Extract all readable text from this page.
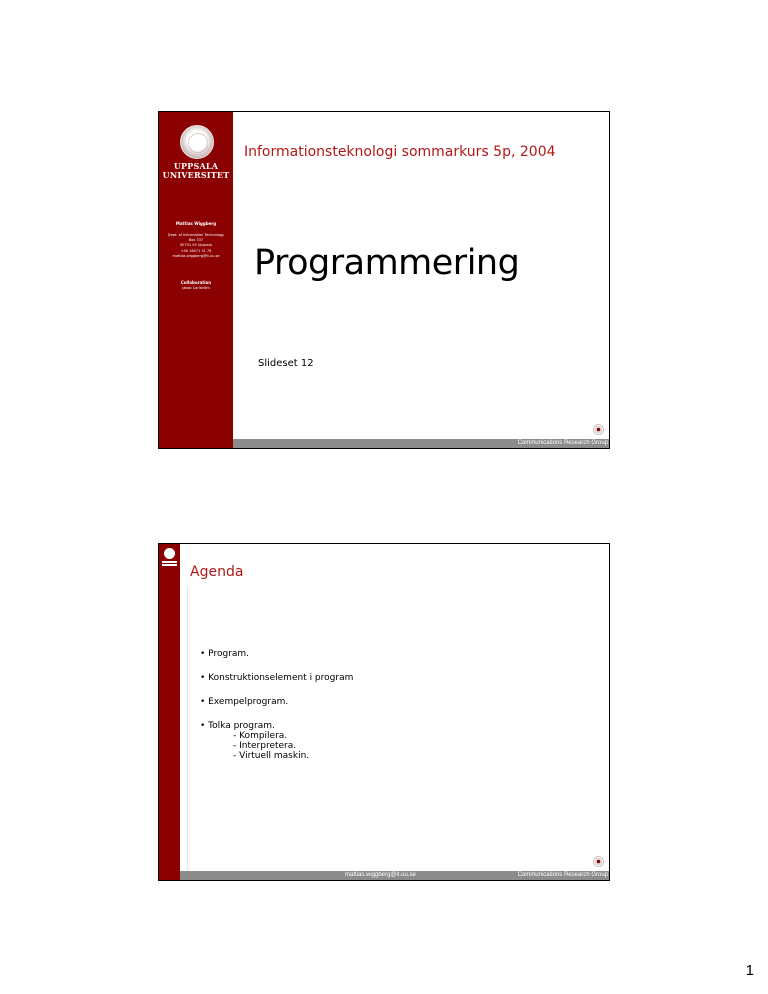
UPPSALA
UNIVERSITET
Mattias Wiggberg
Dept. of Information Technology
Box 337
SE751 05 Uppsala
+46 18471 31 76
mattias.wiggberg@it.uu.se
Collaboration
Jakob Carlström
Informationsteknologi sommarkurs 5p, 2004
Programmering
Slideset 12
Communications Research Group
Agenda
• Program.
• Konstruktionselement i program
• Exempelprogram.
• Tolka program.
- Kompilera.
- Interpretera.
- Virtuell maskin.
mattias.wiggberg@it.uu.se	Communications Research Group
1
